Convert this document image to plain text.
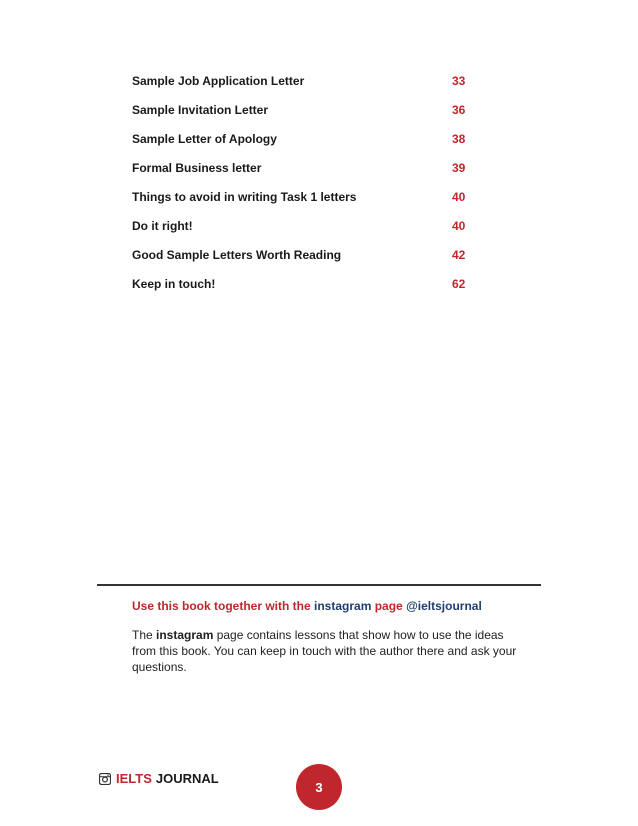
Sample Job Application Letter	33
Sample Invitation Letter	36
Sample Letter of Apology	38
Formal Business letter	39
Things to avoid in writing Task 1 letters	40
Do it right!	40
Good Sample Letters Worth Reading	42
Keep in touch!	62

Use this book together with the instagram page @ieltsjournal

The instagram page contains lessons that show how to use the ideas from this book. You can keep in touch with the author there and ask your questions.

IELTS JOURNAL
3
